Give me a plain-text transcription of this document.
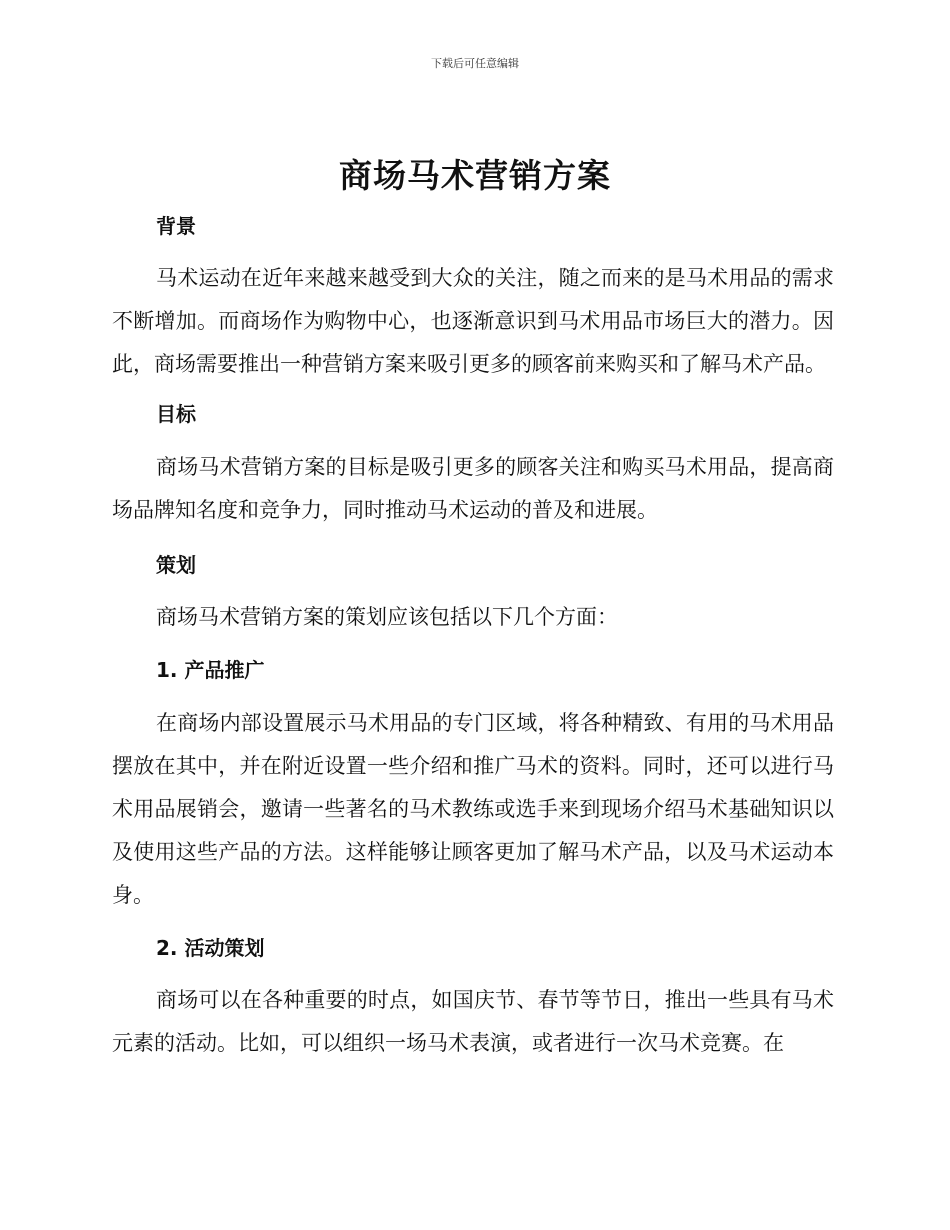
下载后可任意编辑
商场马术营销方案
背景

马术运动在近年来越来越受到大众的关注，随之而来的是马术用品的需求不断增加。而商场作为购物中心，也逐渐意识到马术用品市场巨大的潜力。因此，商场需要推出一种营销方案来吸引更多的顾客前来购买和了解马术产品。

目标

商场马术营销方案的目标是吸引更多的顾客关注和购买马术用品，提高商场品牌知名度和竞争力，同时推动马术运动的普及和进展。

策划

商场马术营销方案的策划应该包括以下几个方面：

1. 产品推广

在商场内部设置展示马术用品的专门区域，将各种精致、有用的马术用品摆放在其中，并在附近设置一些介绍和推广马术的资料。同时，还可以进行马术用品展销会，邀请一些著名的马术教练或选手来到现场介绍马术基础知识以及使用这些产品的方法。这样能够让顾客更加了解马术产品，以及马术运动本身。

2. 活动策划

商场可以在各种重要的时点，如国庆节、春节等节日，推出一些具有马术元素的活动。比如，可以组织一场马术表演，或者进行一次马术竞赛。在
